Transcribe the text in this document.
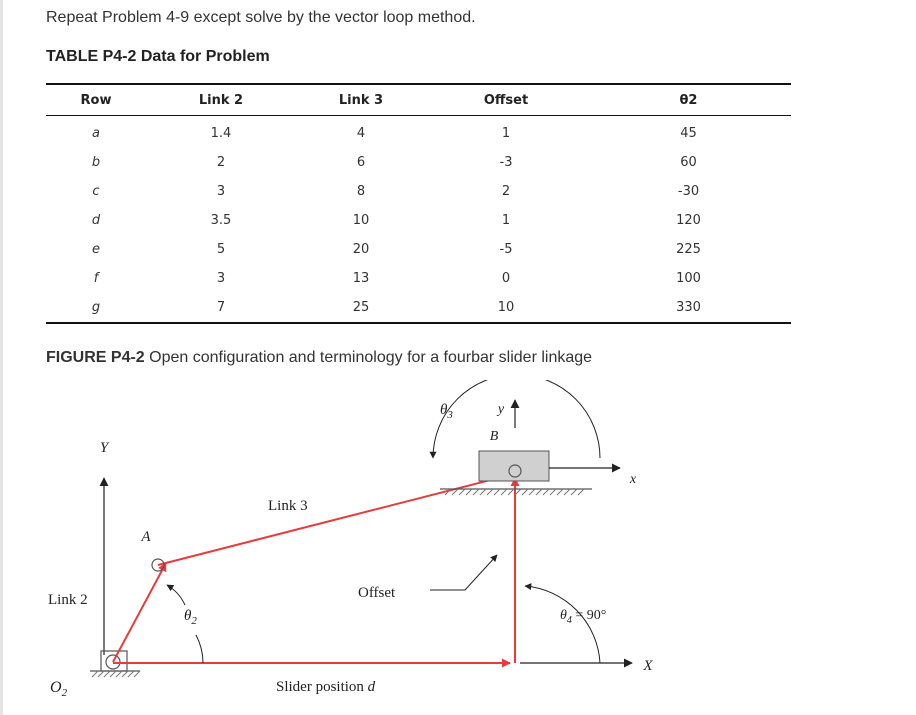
Repeat Problem 4-9 except solve by the vector loop method.
TABLE P4-2 Data for Problem
Row	Link 2	Link 3	Offset	θ2
a	1.4	4	1	45
b	2	6	-3	60
c	3	8	2	-30
d	3.5	10	1	120
e	5	20	-5	225
f	3	13	0	100
g	7	25	10	330
FIGURE P4-2 Open configuration and terminology for a fourbar slider linkage
Y
$O_2$
X
A
B
y
x
$\theta_3$
$\theta_2$	$\theta_4 = 90^\circ$
Link 2
Link 3
Offset
Slider position d
